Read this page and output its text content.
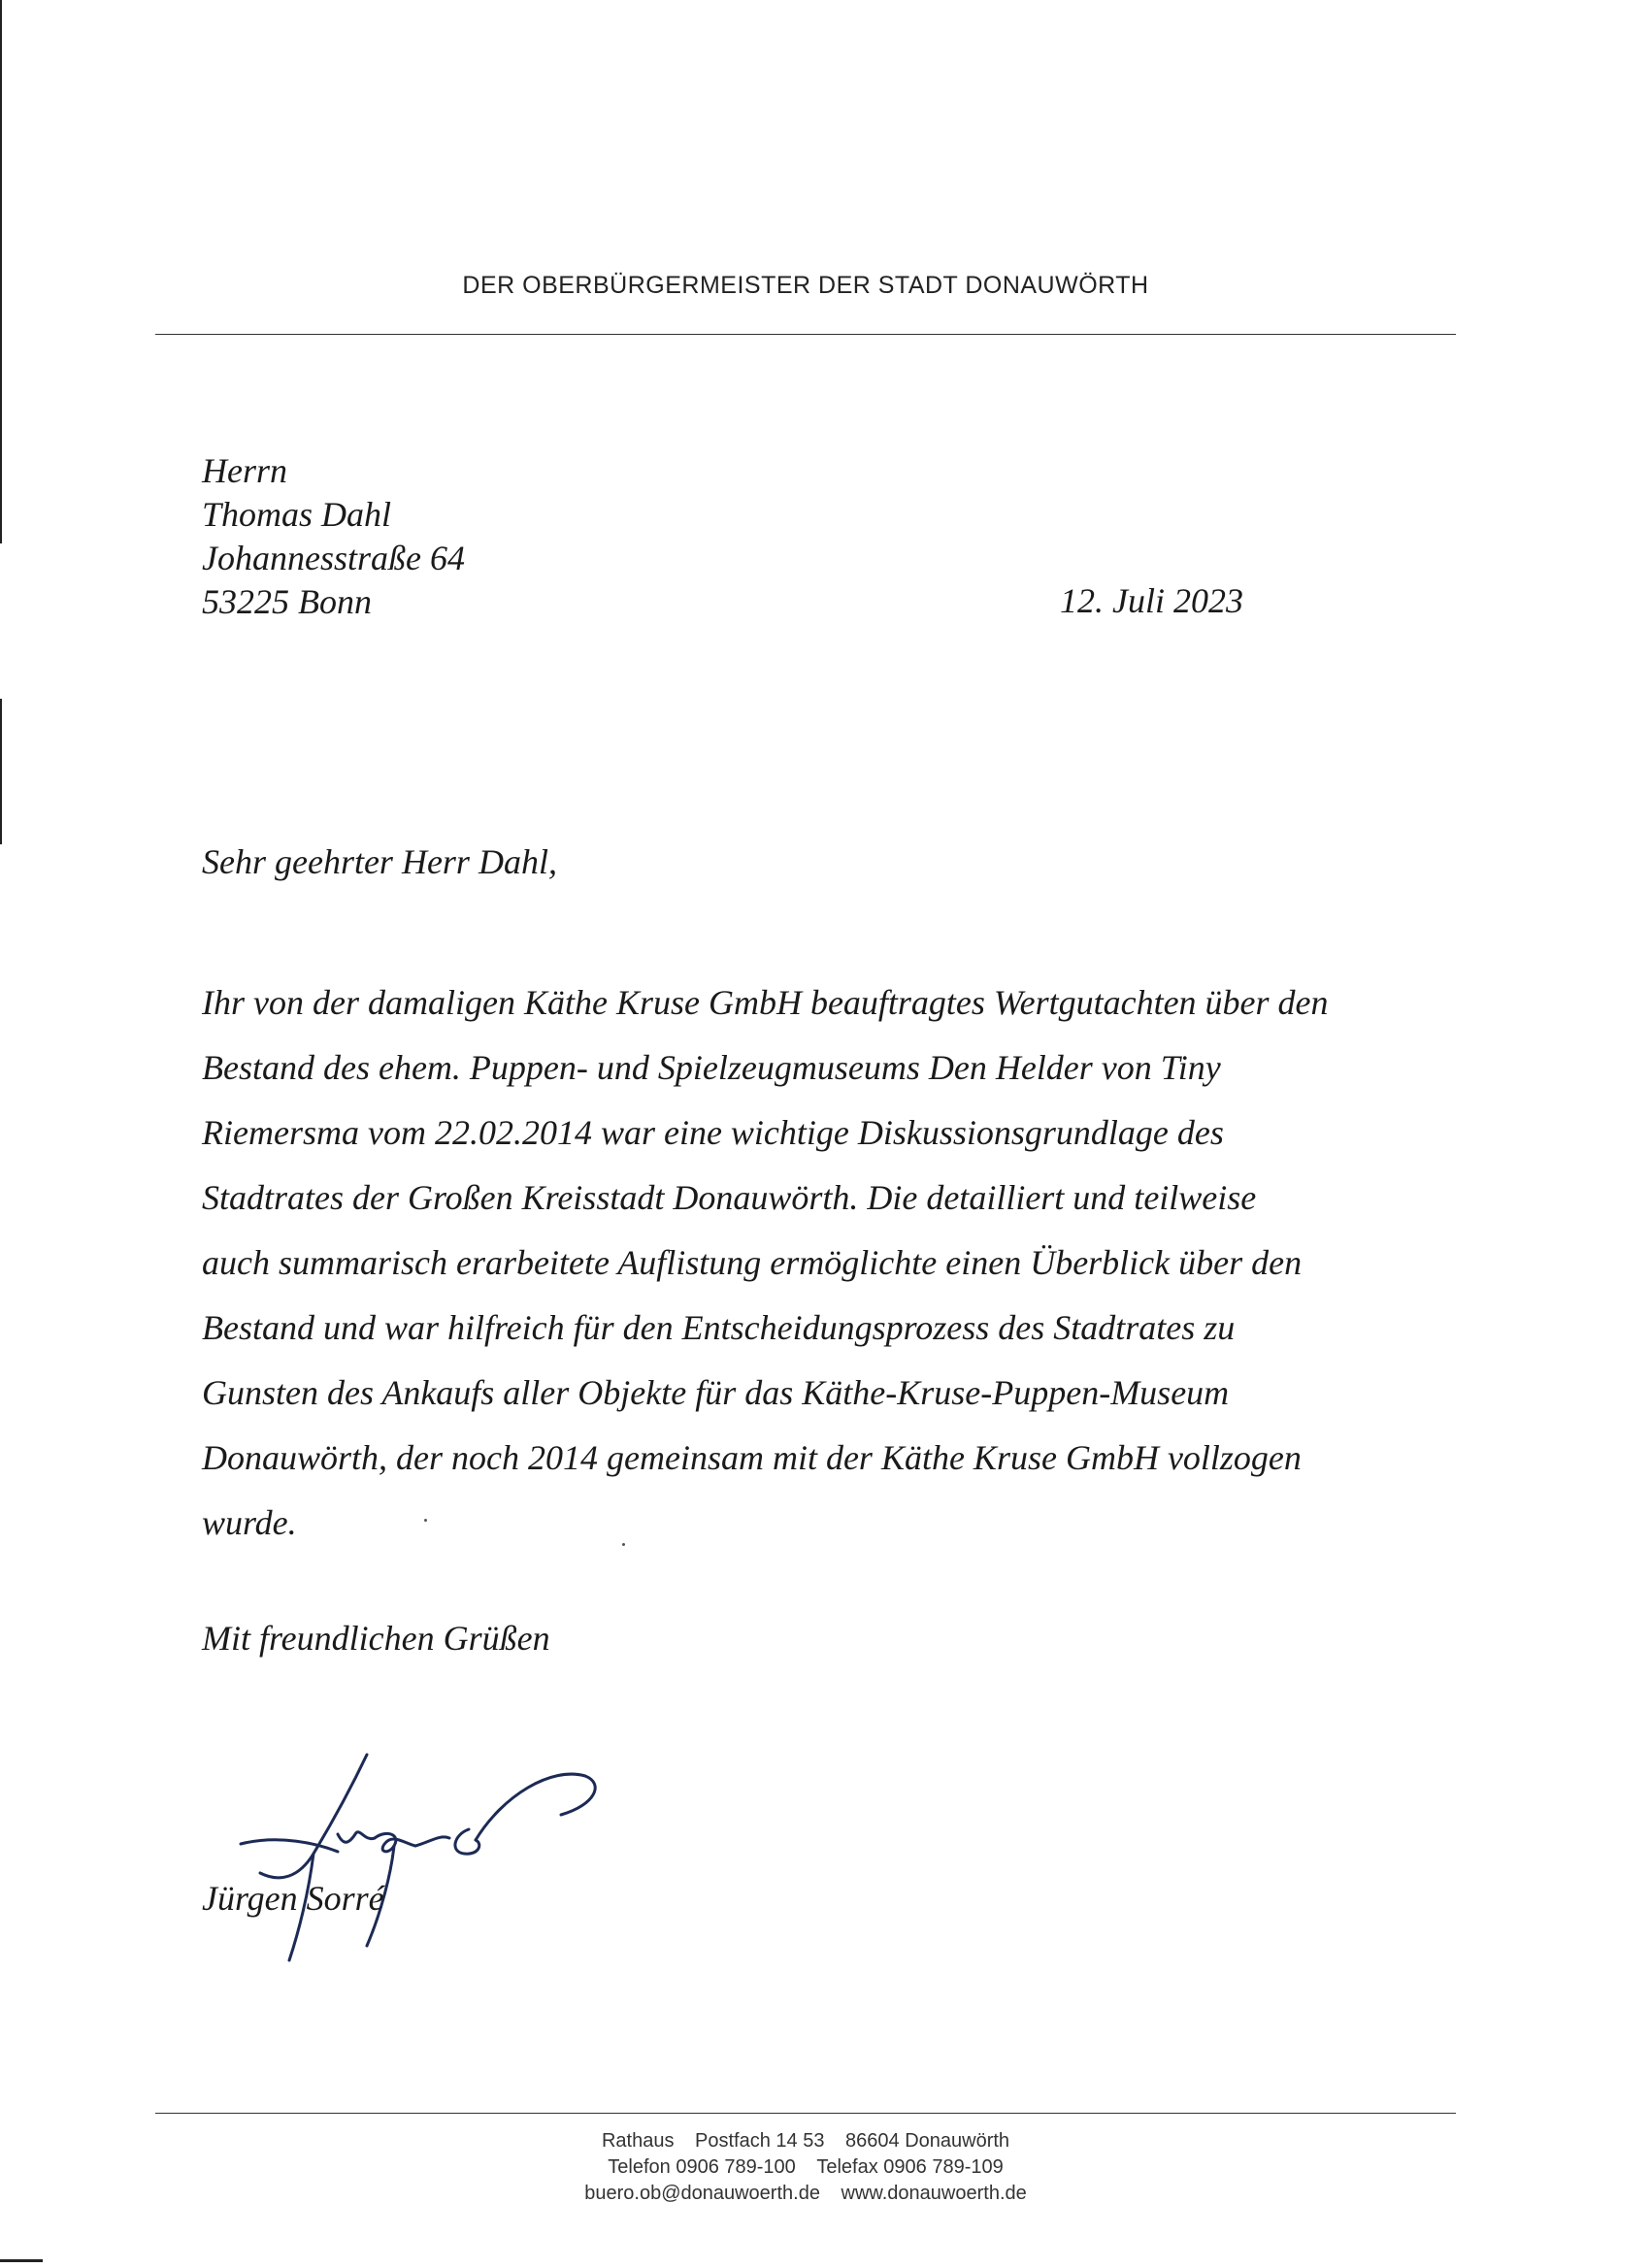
DER OBERBÜRGERMEISTER DER STADT DONAUWÖRTH
Herrn
Thomas Dahl
Johannesstraße 64
53225 Bonn	12. Juli 2023
Sehr geehrter Herr Dahl,
Ihr von der damaligen Käthe Kruse GmbH beauftragtes Wertgutachten über den
Bestand des ehem. Puppen- und Spielzeugmuseums Den Helder von Tiny
Riemersma vom 22.02.2014 war eine wichtige Diskussionsgrundlage des
Stadtrates der Großen Kreisstadt Donauwörth. Die detailliert und teilweise
auch summarisch erarbeitete Auflistung ermöglichte einen Überblick über den
Bestand und war hilfreich für den Entscheidungsprozess des Stadtrates zu
Gunsten des Ankaufs aller Objekte für das Käthe-Kruse-Puppen-Museum
Donauwörth, der noch 2014 gemeinsam mit der Käthe Kruse GmbH vollzogen
wurde.
Mit freundlichen Grüßen
Jürgen Sorré
Rathaus Postfach 14 53 86604 Donauwörth
Telefon 0906 789-100 Telefax 0906 789-109
buero.ob@donauwoerth.de www.donauwoerth.de
